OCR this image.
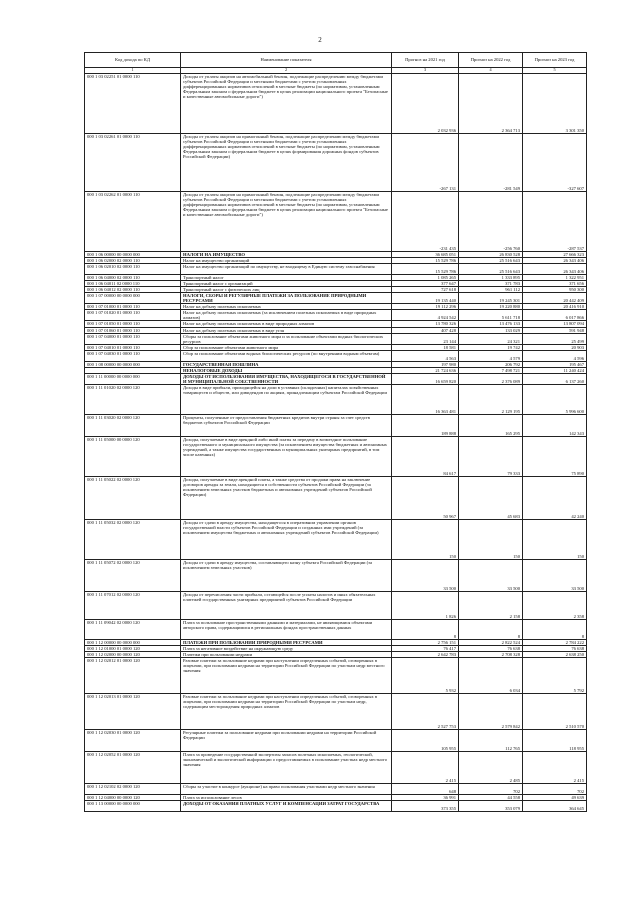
2
Код дохода по КД	Наименование показателя	Прогноз на 2021 год	Прогноз на 2022 год	Прогноз на 2023 год
1	2	3	4	5
000 1 03 02251 01 0000 110	Доходы от уплаты акцизов на автомобильный бензин, подлежащие распределению между бюджетами субъектов Российской Федерации и местными бюджетами с учетом установленных дифференцированных нормативов отчислений в местные бюджеты (по нормативам, установленным Федеральным законом о федеральном бюджете в целях реализации национального проекта "Безопасные и качественные автомобильные дороги")	2 032 936	2 364 713	3 301 350
000 1 03 02261 01 0000 110	Доходы от уплаты акцизов на прямогонный бензин, подлежащие распределению между бюджетами субъектов Российской Федерации и местными бюджетами с учетом установленных дифференцированных нормативов отчислений в местные бюджеты (по нормативам, установленным Федеральным законом о федеральном бюджете в целях формирования дорожных фондов субъектов Российской Федерации)	-267 131	-281 549	-327 607
000 1 03 02262 01 0000 110	Доходы от уплаты акцизов на прямогонный бензин, подлежащие распределению между бюджетами субъектов Российской Федерации и местными бюджетами с учетом установленных дифференцированных нормативов отчислений в местные бюджеты (по нормативам, установленным Федеральным законом о федеральном бюджете в целях реализации национального проекта "Безопасные и качественные автомобильные дороги")	-231 435	-256 760	-287 537
000 1 06 00000 00 0000 000	НАЛОГИ НА ИМУЩЕСТВО	36 685 051	26 830 528	27 666 323
000 1 06 02000 02 0000 110	Налог на имущество организаций	15 529 786	25 516 643	26 343 406
000 1 06 02010 02 0000 110	Налог на имущество организаций по имуществу, не входящему в Единую систему газоснабжения	15 529 786	25 516 643	26 343 406
000 1 06 04000 02 0000 110	Транспортный налог	1 085 265	1 333 895	1 322 951
000 1 06 04011 02 0000 110	Транспортный налог с организаций	377 647	371 783	371 656
000 1 06 04012 02 0000 110	Транспортный налог с физических лиц	727 618	961 112	950 300
000 1 07 00000 00 0000 000	НАЛОГИ, СБОРЫ И РЕГУЛЯРНЫЕ ПЛАТЕЖИ ЗА ПОЛЬЗОВАНИЕ ПРИРОДНЫМИ РЕСУРСАМИ	19 135 440	19 245 301	20 442 409
000 1 07 01000 01 0000 110	Налог на добычу полезных ископаемых	19 112 296	19 220 880	20 416 910
000 1 07 01020 01 0000 110	Налог на добычу полезных ископаемых (за исключением полезных ископаемых в виде природных алмазов)	4 924 542	5 611 718	6 017 866
000 1 07 01050 01 0000 110	Налог на добычу полезных ископаемых в виде природных алмазов	13 780 326	13 476 133	13 807 094
000 1 07 01060 01 0000 110	Налог на добычу полезных ископаемых в виде угля	407 428	133 029	591 948
000 1 07 04000 01 0000 110	Сборы за пользование объектами животного мира и за пользование объектами водных биологических ресурсов	23 144	24 321	25 499
000 1 07 04010 01 0000 110	Сбор за пользование объектами животного мира	18 581	19 742	20 903
000 1 07 04030 01 0000 110	Сбор за пользование объектами водных биологических ресурсов (по внутренним водным объектам)	4 563	4 579	4 596
000 1 08 00000 00 0000 000	ГОСУДАРСТВЕННАЯ ПОШЛИНА	197 980	206 792	195 467
	НЕНАЛОГОВЫЕ ДОХОДЫ	21 724 636	7 498 721	11 240 424
000 1 11 00000 00 0000 000	ДОХОДЫ ОТ ИСПОЛЬЗОВАНИЯ ИМУЩЕСТВА, НАХОДЯЩЕГОСЯ В ГОСУДАРСТВЕННОЙ И МУНИЦИПАЛЬНОЙ СОБСТВЕННОСТИ	16 659 820	2 376 089	6 137 260
000 1 11 01020 02 0000 120	Доходы в виде прибыли, приходящейся на доли в уставных (складочных) капиталах хозяйственных товариществ и обществ, или дивидендов по акциям, принадлежащим субъектам Российской Федерации	16 363 481	2 129 195	5 996 600
000 1 11 03020 02 0000 120	Проценты, полученные от предоставления бюджетных кредитов внутри страны за счет средств бюджетов субъектов Российской Федерации	189 888	165 295	142 343
000 1 11 05000 00 0000 120	Доходы, получаемые в виде арендной либо иной платы за передачу в возмездное пользование государственного и муниципального имущества (за исключением имущества бюджетных и автономных учреждений, а также имущества государственных и муниципальных унитарных предприятий, в том числе казенных)	84 617	79 333	75 890
000 1 11 05022 02 0000 120	Доходы, получаемые в виде арендной платы, а также средства от продажи права на заключение договоров аренды за земли, находящиеся в собственности субъектов Российской Федерации (за исключением земельных участков бюджетных и автономных учреждений субъектов Российской Федерации)	50 967	45 683	42 240
000 1 11 05032 02 0000 120	Доходы от сдачи в аренду имущества, находящегося в оперативном управлении органов государственной власти субъектов Российской Федерации и созданных ими учреждений (за исключением имущества бюджетных и автономных учреждений субъектов Российской Федерации)	150	150	150
000 1 11 05072 02 0000 120	Доходы от сдачи в аренду имущества, составляющего казну субъекта Российской Федерации (за исключением земельных участков)	33 500	33 500	33 500
000 1 11 07012 02 0000 120	Доходы от перечисления части прибыли, остающейся после уплаты налогов и иных обязательных платежей государственных унитарных предприятий субъектов Российской Федерации	1 826	2 158	2 358
000 1 11 09042 02 0000 120	Плата за пользование пространственными данными и материалами, не являющимися объектами авторского права, содержащимися в региональных фондах пространственных данных	8	8	8
000 1 12 00000 00 0000 000	ПЛАТЕЖИ ПРИ ПОЛЬЗОВАНИИ ПРИРОДНЫМИ РЕСУРСАМИ	2 756 151	2 822 524	2 784 222
000 1 12 01000 01 0000 120	Плата за негативное воздействие на окружающую среду	76 417	76 638	76 638
000 1 12 02000 00 0000 120	Платежи при пользовании недрами	2 642 783	2 708 328	2 638 250
000 1 12 02012 01 0000 120	Разовые платежи за пользование недрами при наступлении определенных событий, оговоренных в лицензии, при пользовании недрами на территории Российской Федерации по участкам недр местного значения	5 932	6 034	5 792
000 1 12 02013 01 0000 120	Разовые платежи за пользование недрами при наступлении определенных событий, оговоренных в лицензии, при пользовании недрами на территории Российской Федерации по участкам недр, содержащим месторождения природных алмазов	2 527 753	2 579 842	2 510 570
000 1 12 02030 01 0000 120	Регулярные платежи за пользование недрами при пользовании недрами на территории Российской Федерации	105 955	112 765	118 955
000 1 12 02052 01 0000 120	Плата за проведение государственной экспертизы запасов полезных ископаемых, геологической, экономической и экологической информации о предоставляемых в пользование участках недр местного значения	2 415	2 485	2 415
000 1 12 02102 02 0000 120	Сборы за участие в конкурсе (аукционе) на право пользования участками недр местного значения	648	702	702
000 1 12 04000 00 0000 120	Плата за использование лесов	36 991	44 558	49 639
000 1 13 00000 00 0000 000	ДОХОДЫ ОТ ОКАЗАНИЯ ПЛАТНЫХ УСЛУГ И КОМПЕНСАЦИИ ЗАТРАТ ГОСУДАРСТВА	373 355	353 079	364 645
